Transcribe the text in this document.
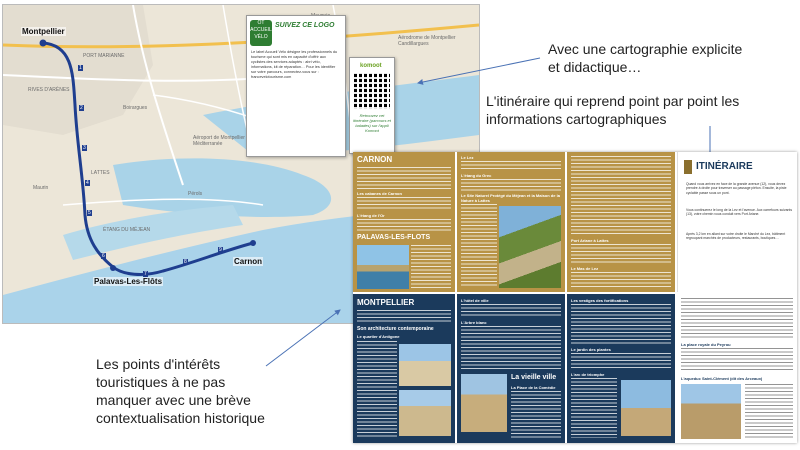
Montpellier
Carnon
Palavas-Les-Flôts
Aérodrome de Montpellier Candillargues
Aéroport de Montpellier Méditerranée
Boirargues
LATTES
Maurin
Pérols
ÉTANG DU MÉJEAN
RIVES D'ARÈNES
PORT MARIANNE
1
2
3
4
5
6
7
8
9
OT ACCUEIL VÉLO
SUIVEZ CE LOGO
Le label Accueil Vélo désigne les professionnels du tourisme qui sont mis en capacité d'offrir aux cyclistes des services adaptés : abri vélo, informations, kit de réparation… Pour les identifier sur votre parcours, connectez-vous sur : francevelotourisme.com
komoot
Retrouvez cet itinéraire (parcours et balades) sur l'appli Komoot
Avec une cartographie explicite et didactique…
L'itinéraire qui reprend point par point les informations cartographiques
Les points d'intérêts touristiques à ne pas manquer avec une brève contextualisation historique
CARNON
Les cabanes de Carnon
L'étang de l'Or
PALAVAS-LES-FLOTS
Le Lez
L'étang du Grec
Le Site Naturel Protégé du Méjean et la Maison de la Nature à Lattes
Port Ariane à Lattes
Le Mas de Lez
ITINÉRAIRE
Quand vous arrivez en face de la grande avenue (12), vous devez prendre à droite pour traverser au passage piéton. Ensuite, la piste cyclable passe sous un pont.
Vous continuerez le long de la Lez et l'avenue. Aux carrefours suivants (13), votre chemin vous conduit vers Port Ariane.
Après 3,2 km en allant sur votre droite le Marché du Lez, bâtiment regroupant marchés de producteurs, restaurants, boutiques…
MONTPELLIER
Son architecture contemporaine
Le quartier d'Antigone
L'hôtel de ville
L'Arbre blanc
La vieille ville
La Place de la Comédie
Les vestiges des fortifications
Le jardin des plantes
L'arc de triomphe
La place royale du Peyrou
L'aqueduc Saint-Clément (dit des Arceaux)
